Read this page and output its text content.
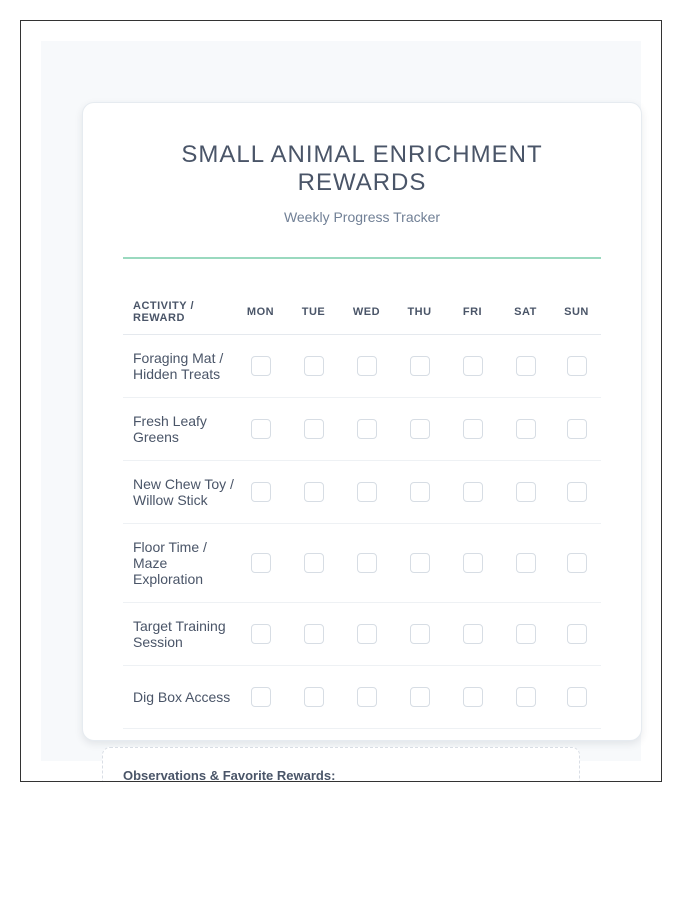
SMALL ANIMAL ENRICHMENT REWARDS
Weekly Progress Tracker
ACTIVITY / REWARD	MON	TUE	WED	THU	FRI	SAT	SUN
Foraging Mat / Hidden Treats							
Fresh Leafy Greens							
New Chew Toy / Willow Stick							
Floor Time / Maze Exploration							
Target Training Session							
Dig Box Access							
Observations & Favorite Rewards:
